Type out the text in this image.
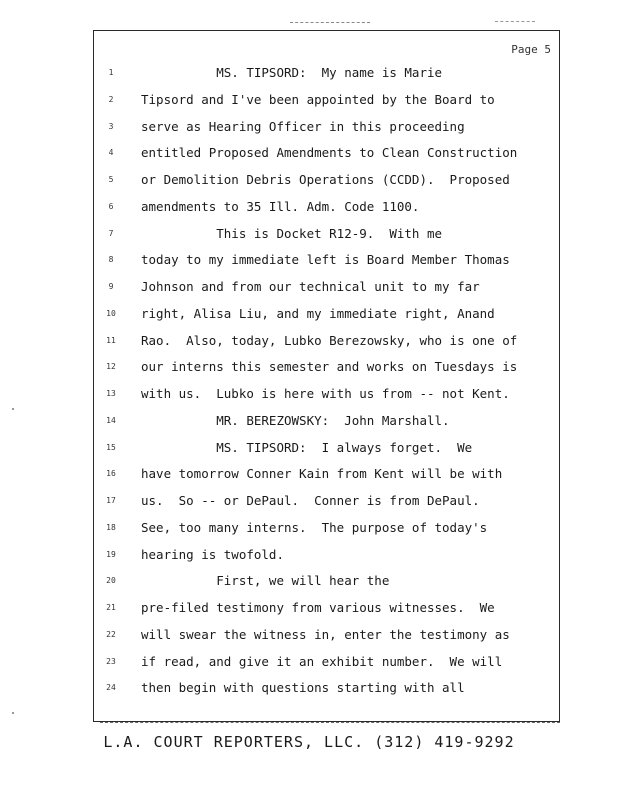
Page 5
1	MS. TIPSORD:  My name is Marie
2	Tipsord and I've been appointed by the Board to
3	serve as Hearing Officer in this proceeding
4	entitled Proposed Amendments to Clean Construction
5	or Demolition Debris Operations (CCDD).  Proposed
6	amendments to 35 Ill. Adm. Code 1100.
7	This is Docket R12-9.  With me
8	today to my immediate left is Board Member Thomas
9	Johnson and from our technical unit to my far
10	right, Alisa Liu, and my immediate right, Anand
11	Rao.  Also, today, Lubko Berezowsky, who is one of
12	our interns this semester and works on Tuesdays is
13	with us.  Lubko is here with us from -- not Kent.
14	MR. BEREZOWSKY:  John Marshall.
15	MS. TIPSORD:  I always forget.  We
16	have tomorrow Conner Kain from Kent will be with
17	us.  So -- or DePaul.  Conner is from DePaul.
18	See, too many interns.  The purpose of today's
19	hearing is twofold.
20	First, we will hear the
21	pre-filed testimony from various witnesses.  We
22	will swear the witness in, enter the testimony as
23	if read, and give it an exhibit number.  We will
24	then begin with questions starting with all
L.A. COURT REPORTERS, LLC. (312) 419-9292
